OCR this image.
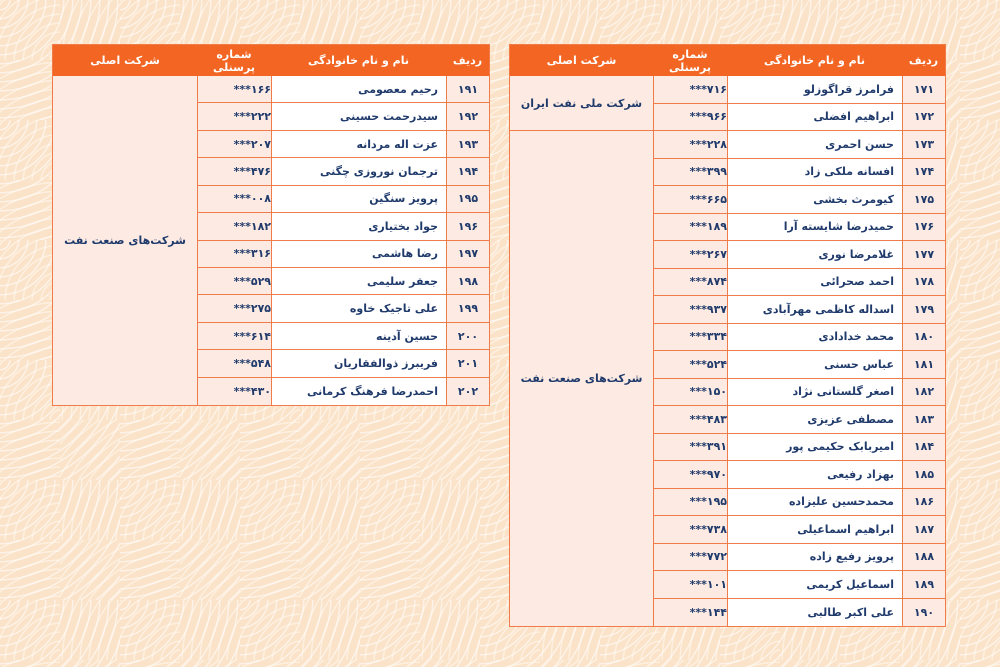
ردیف
نام و نام خانوادگی
شماره پرسنلی
شرکت اصلی
۱۷۱
فرامرز قراگوزلو
***۷۱۶
۱۷۲
ابراهیم افضلی
***۹۶۶
۱۷۳
حسن احمری
***۲۲۸
۱۷۴
افسانه ملکی زاد
***۳۹۹
۱۷۵
کیومرث بخشی
***۶۶۵
۱۷۶
حمیدرضا شایسته آرا
***۱۸۹
۱۷۷
غلامرضا نوری
***۲۶۷
۱۷۸
احمد صحرائی
***۸۷۴
۱۷۹
اسداله کاظمی مهرآبادی
***۹۳۷
۱۸۰
محمد خدادادی
***۳۳۴
۱۸۱
عباس حسنی
***۵۲۴
۱۸۲
اصغر گلستانی نژاد
***۱۵۰
۱۸۳
مصطفی عزیزی
***۴۸۳
۱۸۴
امیربابک حکیمی پور
***۳۹۱
۱۸۵
بهزاد رفیعی
***۹۷۰
۱۸۶
محمدحسین علیزاده
***۱۹۵
۱۸۷
ابراهیم اسماعیلی
***۷۳۸
۱۸۸
پرویز رفیع زاده
***۷۷۲
۱۸۹
اسماعیل کریمی
***۱۰۱
۱۹۰
علی اکبر طالبی
***۱۴۴
شرکت ملی نفت ایران
شرکت‌های صنعت نفت
ردیف
نام و نام خانوادگی
شماره پرسنلی
شرکت اصلی
۱۹۱
رحیم معصومی
***۱۶۶
۱۹۲
سیدرحمت حسینی
***۲۲۲
۱۹۳
عزت اله مردانه
***۲۰۷
۱۹۴
ترجمان نوروزی چگنی
***۴۷۶
۱۹۵
پرویز سنگین
***۰۰۸
۱۹۶
جواد بختیاری
***۱۸۲
۱۹۷
رضا هاشمی
***۳۱۶
۱۹۸
جعفر سلیمی
***۵۲۹
۱۹۹
علی تاجیک خاوه
***۲۷۵
۲۰۰
حسین آدینه
***۶۱۴
۲۰۱
فریبرز ذوالفقاریان
***۵۴۸
۲۰۲
احمدرضا فرهنگ کرمانی
***۴۳۰
شرکت‌های صنعت نفت
